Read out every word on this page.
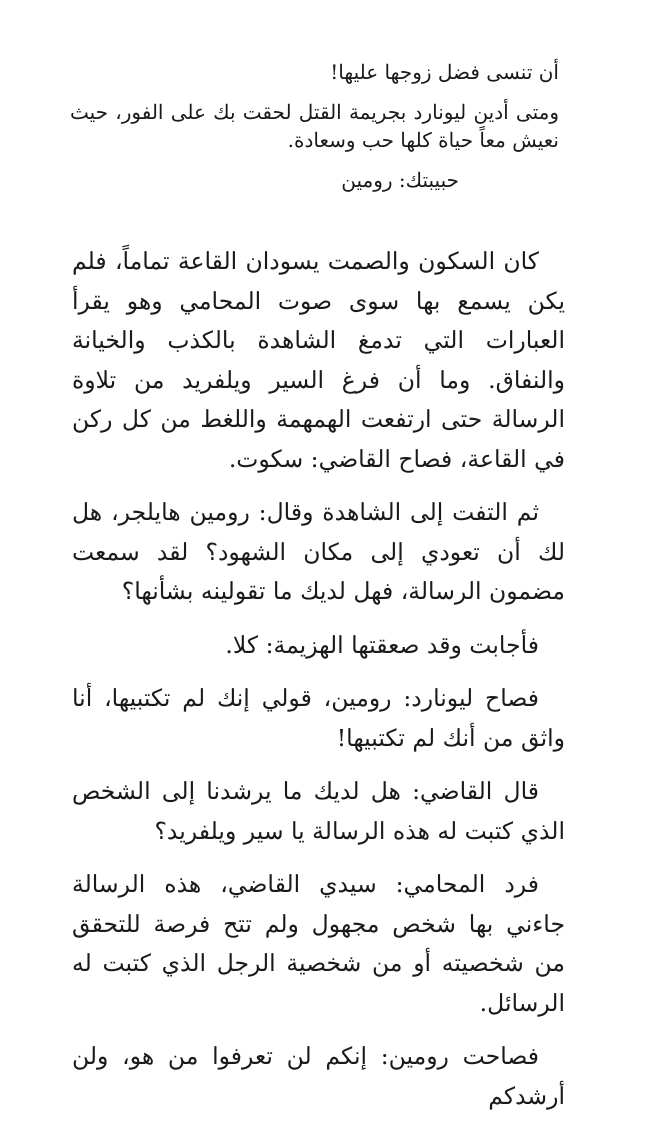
أن تنسى فضل زوجها عليها!

ومتى أدين ليونارد بجريمة القتل لحقت بك على الفور، حيث نعيش معاً حياة كلها حب وسعادة.

حبيبتك: رومين

كان السكون والصمت يسودان القاعة تماماً، فلم يكن يسمع بها سوى صوت المحامي وهو يقرأ العبارات التي تدمغ الشاهدة بالكذب والخيانة والنفاق. وما أن فرغ السير ويلفريد من تلاوة الرسالة حتى ارتفعت الهمهمة واللغط من كل ركن في القاعة، فصاح القاضي: سكوت.

ثم التفت إلى الشاهدة وقال: رومين هايلجر، هل لك أن تعودي إلى مكان الشهود؟ لقد سمعت مضمون الرسالة، فهل لديك ما تقولينه بشأنها؟

فأجابت وقد صعقتها الهزيمة: كلا.

فصاح ليونارد: رومين، قولي إنك لم تكتبيها، أنا واثق من أنك لم تكتبيها!

قال القاضي: هل لديك ما يرشدنا إلى الشخص الذي كتبت له هذه الرسالة يا سير ويلفريد؟

فرد المحامي: سيدي القاضي، هذه الرسالة جاءني بها شخص مجهول ولم تتح فرصة للتحقق من شخصيته أو من شخصية الرجل الذي كتبت له الرسائل.

فصاحت رومين: إنكم لن تعرفوا من هو، ولن أرشدكم
